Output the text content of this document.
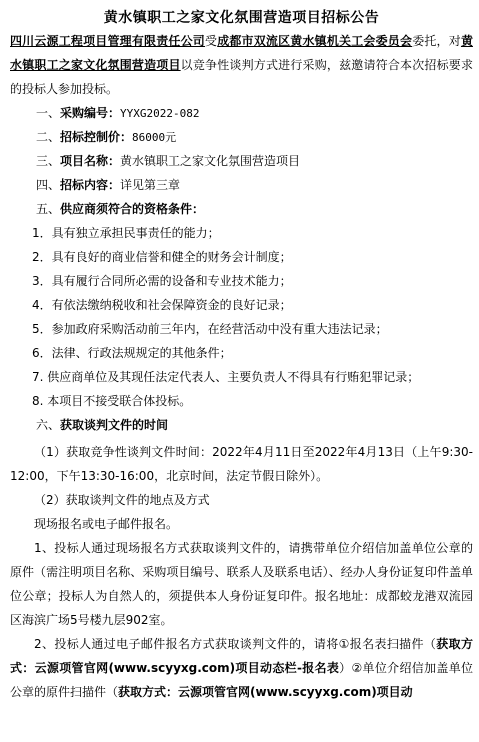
黄水镇职工之家文化氛围营造项目招标公告

四川云源工程项目管理有限责任公司受成都市双流区黄水镇机关工会委员会委托，对黄水镇职工之家文化氛围营造项目以竞争性谈判方式进行采购，兹邀请符合本次招标要求的投标人参加投标。

一、采购编号：YYXG2022-082
二、招标控制价：86000元
三、项目名称：黄水镇职工之家文化氛围营造项目
四、招标内容：详见第三章
五、供应商须符合的资格条件：
1．具有独立承担民事责任的能力；
2．具有良好的商业信誉和健全的财务会计制度；
3．具有履行合同所必需的设备和专业技术能力；
4．有依法缴纳税收和社会保障资金的良好记录；
5．参加政府采购活动前三年内，在经营活动中没有重大违法记录；
6．法律、行政法规规定的其他条件；
7. 供应商单位及其现任法定代表人、主要负责人不得具有行贿犯罪记录；
8. 本项目不接受联合体投标。
六、获取谈判文件的时间

（1）获取竞争性谈判文件时间：2022年4月11日至2022年4月13日（上午9:30-12:00，下午13:30-16:00，北京时间，法定节假日除外）。

（2）获取谈判文件的地点及方式

现场报名或电子邮件报名。

1、投标人通过现场报名方式获取谈判文件的，请携带单位介绍信加盖单位公章的原件（需注明项目名称、采购项目编号、联系人及联系电话）、经办人身份证复印件盖单位公章；投标人为自然人的，须提供本人身份证复印件。报名地址：成都蛟龙港双流园区海滨广场5号楼九层902室。

2、投标人通过电子邮件报名方式获取谈判文件的，请将①报名表扫描件（获取方式：云源项管官网(www.scyyxg.com)项目动态栏-报名表）②单位介绍信加盖单位公章的原件扫描件（获取方式：云源项管官网(www.scyyxg.com)项目动
